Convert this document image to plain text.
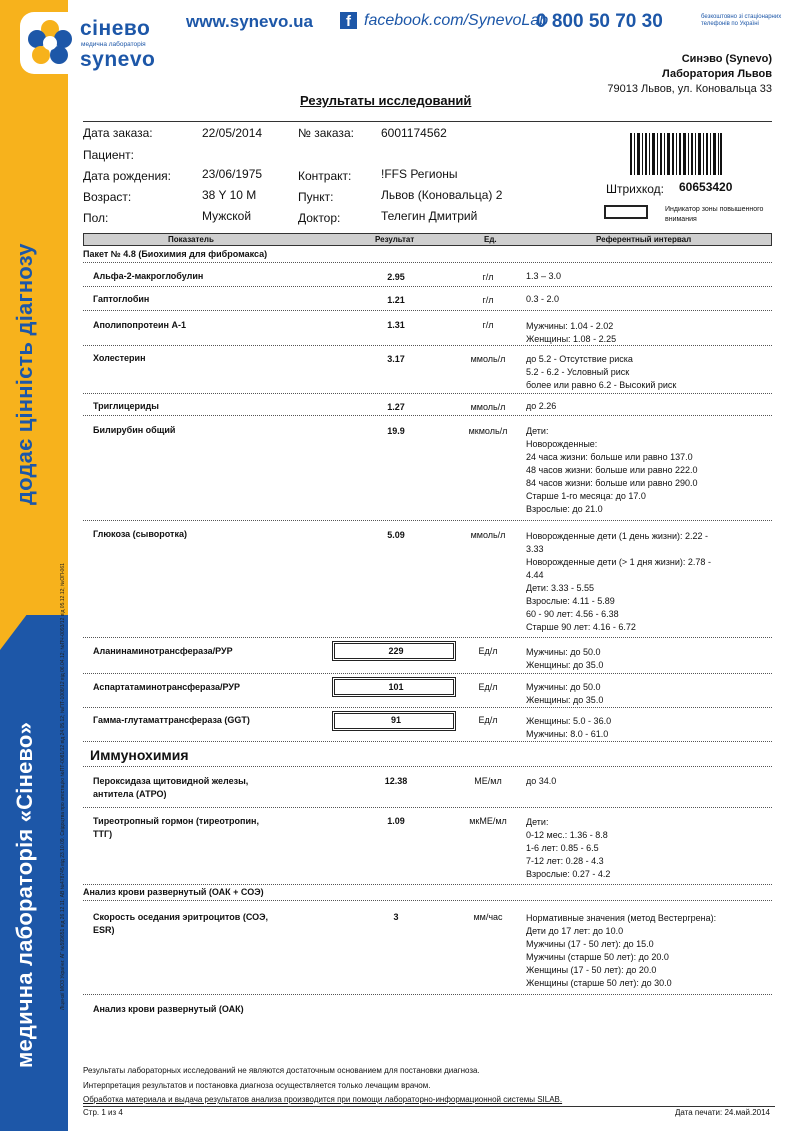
додає цінність діагнозу
медична лабораторія «Сінево»	Ліцензії МОЗ України: АГ №599651 від 26.12.11; АВ №478745 від 23.10.09. Свідоцтва про атестацію №ПТ-0081/12 від 24.05.12; №ПТ-1008/12 від 06.04.12; №ПЧ-0093/12 від 05.12.12; №ОП-061
сінево
медична лабораторія
synevo
www.synevo.ua	f facebook.com/SynevoLab
0 800 50 70 30	безкоштовно зі стаціонарних телефонів по Україні
Синэво (Synevo)
Лаборатория Львов
79013 Львов, ул. Коновальца 33
Результаты исследований
Дата заказа:	22/05/2014	№ заказа: 6001174562
Пациент:
Дата рождения:	23/06/1975	Контракт: !FFS Регионы
Возраст:	38 Y 10 M	Пункт:	Львов (Коновальца) 2
Пол:	Мужской	Доктор:	Телегин Дмитрий
Штрихкод: 60653420
Индикатор зоны повышенного внимания
Показатель	Результат	Ед.	Референтный интервал
Пакет № 4.8 (Биохимия для фибромакса)
Альфа-2-макроглобулин	2.95	г/л	1.3 – 3.0
Гаптоглобин	1.21	г/л	0.3 - 2.0
Аполипопротеин А-1	1.31	г/л	Мужчины: 1.04 - 2.02
Женщины: 1.08 - 2.25
Холестерин	3.17	ммоль/л	до 5.2 - Отсутствие риска
5.2 - 6.2 - Условный риск
более или равно 6.2 - Высокий риск
Триглицериды	1.27	ммоль/л	до 2.26
Билирубин общий	19.9	мкмоль/л	Дети:
Новорожденные:
24 часа жизни: больше или равно 137.0
48 часов жизни: больше или равно 222.0
84 часов жизни: больше или равно 290.0
Старше 1-го месяца: до 17.0
Взрослые: до 21.0
Глюкоза (сыворотка)	5.09	ммоль/л	Новорожденные дети (1 день жизни): 2.22 -
3.33
Новорожденные дети (> 1 дня жизни): 2.78 -
4.44
Дети: 3.33 - 5.55
Взрослые: 4.11 - 5.89
60 - 90 лет: 4.56 - 6.38
Старше 90 лет: 4.16 - 6.72
Аланинаминотрансфераза/РУР	229	Ед/л	Мужчины: до 50.0
Женщины: до 35.0
Аспартатаминотрансфераза/РУР	101	Ед/л	Мужчины: до 50.0
Женщины: до 35.0
Гамма-глутаматтрансфераза (GGT)	91	Ед/л	Женщины: 5.0 - 36.0
Мужчины: 8.0 - 61.0
Иммунохимия
Пероксидаза щитовидной железы,
антитела (АТРО)
12.38	МЕ/мл	до 34.0
Тиреотропный гормон (тиреотропин,
ТТГ)
1.09	мкМЕ/мл	Дети:
0-12 мес.: 1.36 - 8.8
1-6 лет: 0.85 - 6.5
7-12 лет: 0.28 - 4.3
Взрослые: 0.27 - 4.2
Анализ крови развернутый (ОАК + СОЭ)
Скорость оседания эритроцитов (СОЭ,
ESR)
3	мм/час	Нормативные значения (метод Вестергрена):
Дети до 17 лет: до 10.0
Мужчины (17 - 50 лет): до 15.0
Мужчины (старше 50 лет): до 20.0
Женщины (17 - 50 лет): до 20.0
Женщины (старше 50 лет): до 30.0
Анализ крови развернутый (ОАК)
Результаты лабораторных исследований не являются достаточным основанием для постановки диагноза.
Интерпретация результатов и постановка диагноза осуществляется только лечащим врачом.
Обработка материала и выдача результатов анализа производится при помощи лабораторно-информационной системы SILAB.
Стр. 1 из 4	Дата печати: 24.май.2014
